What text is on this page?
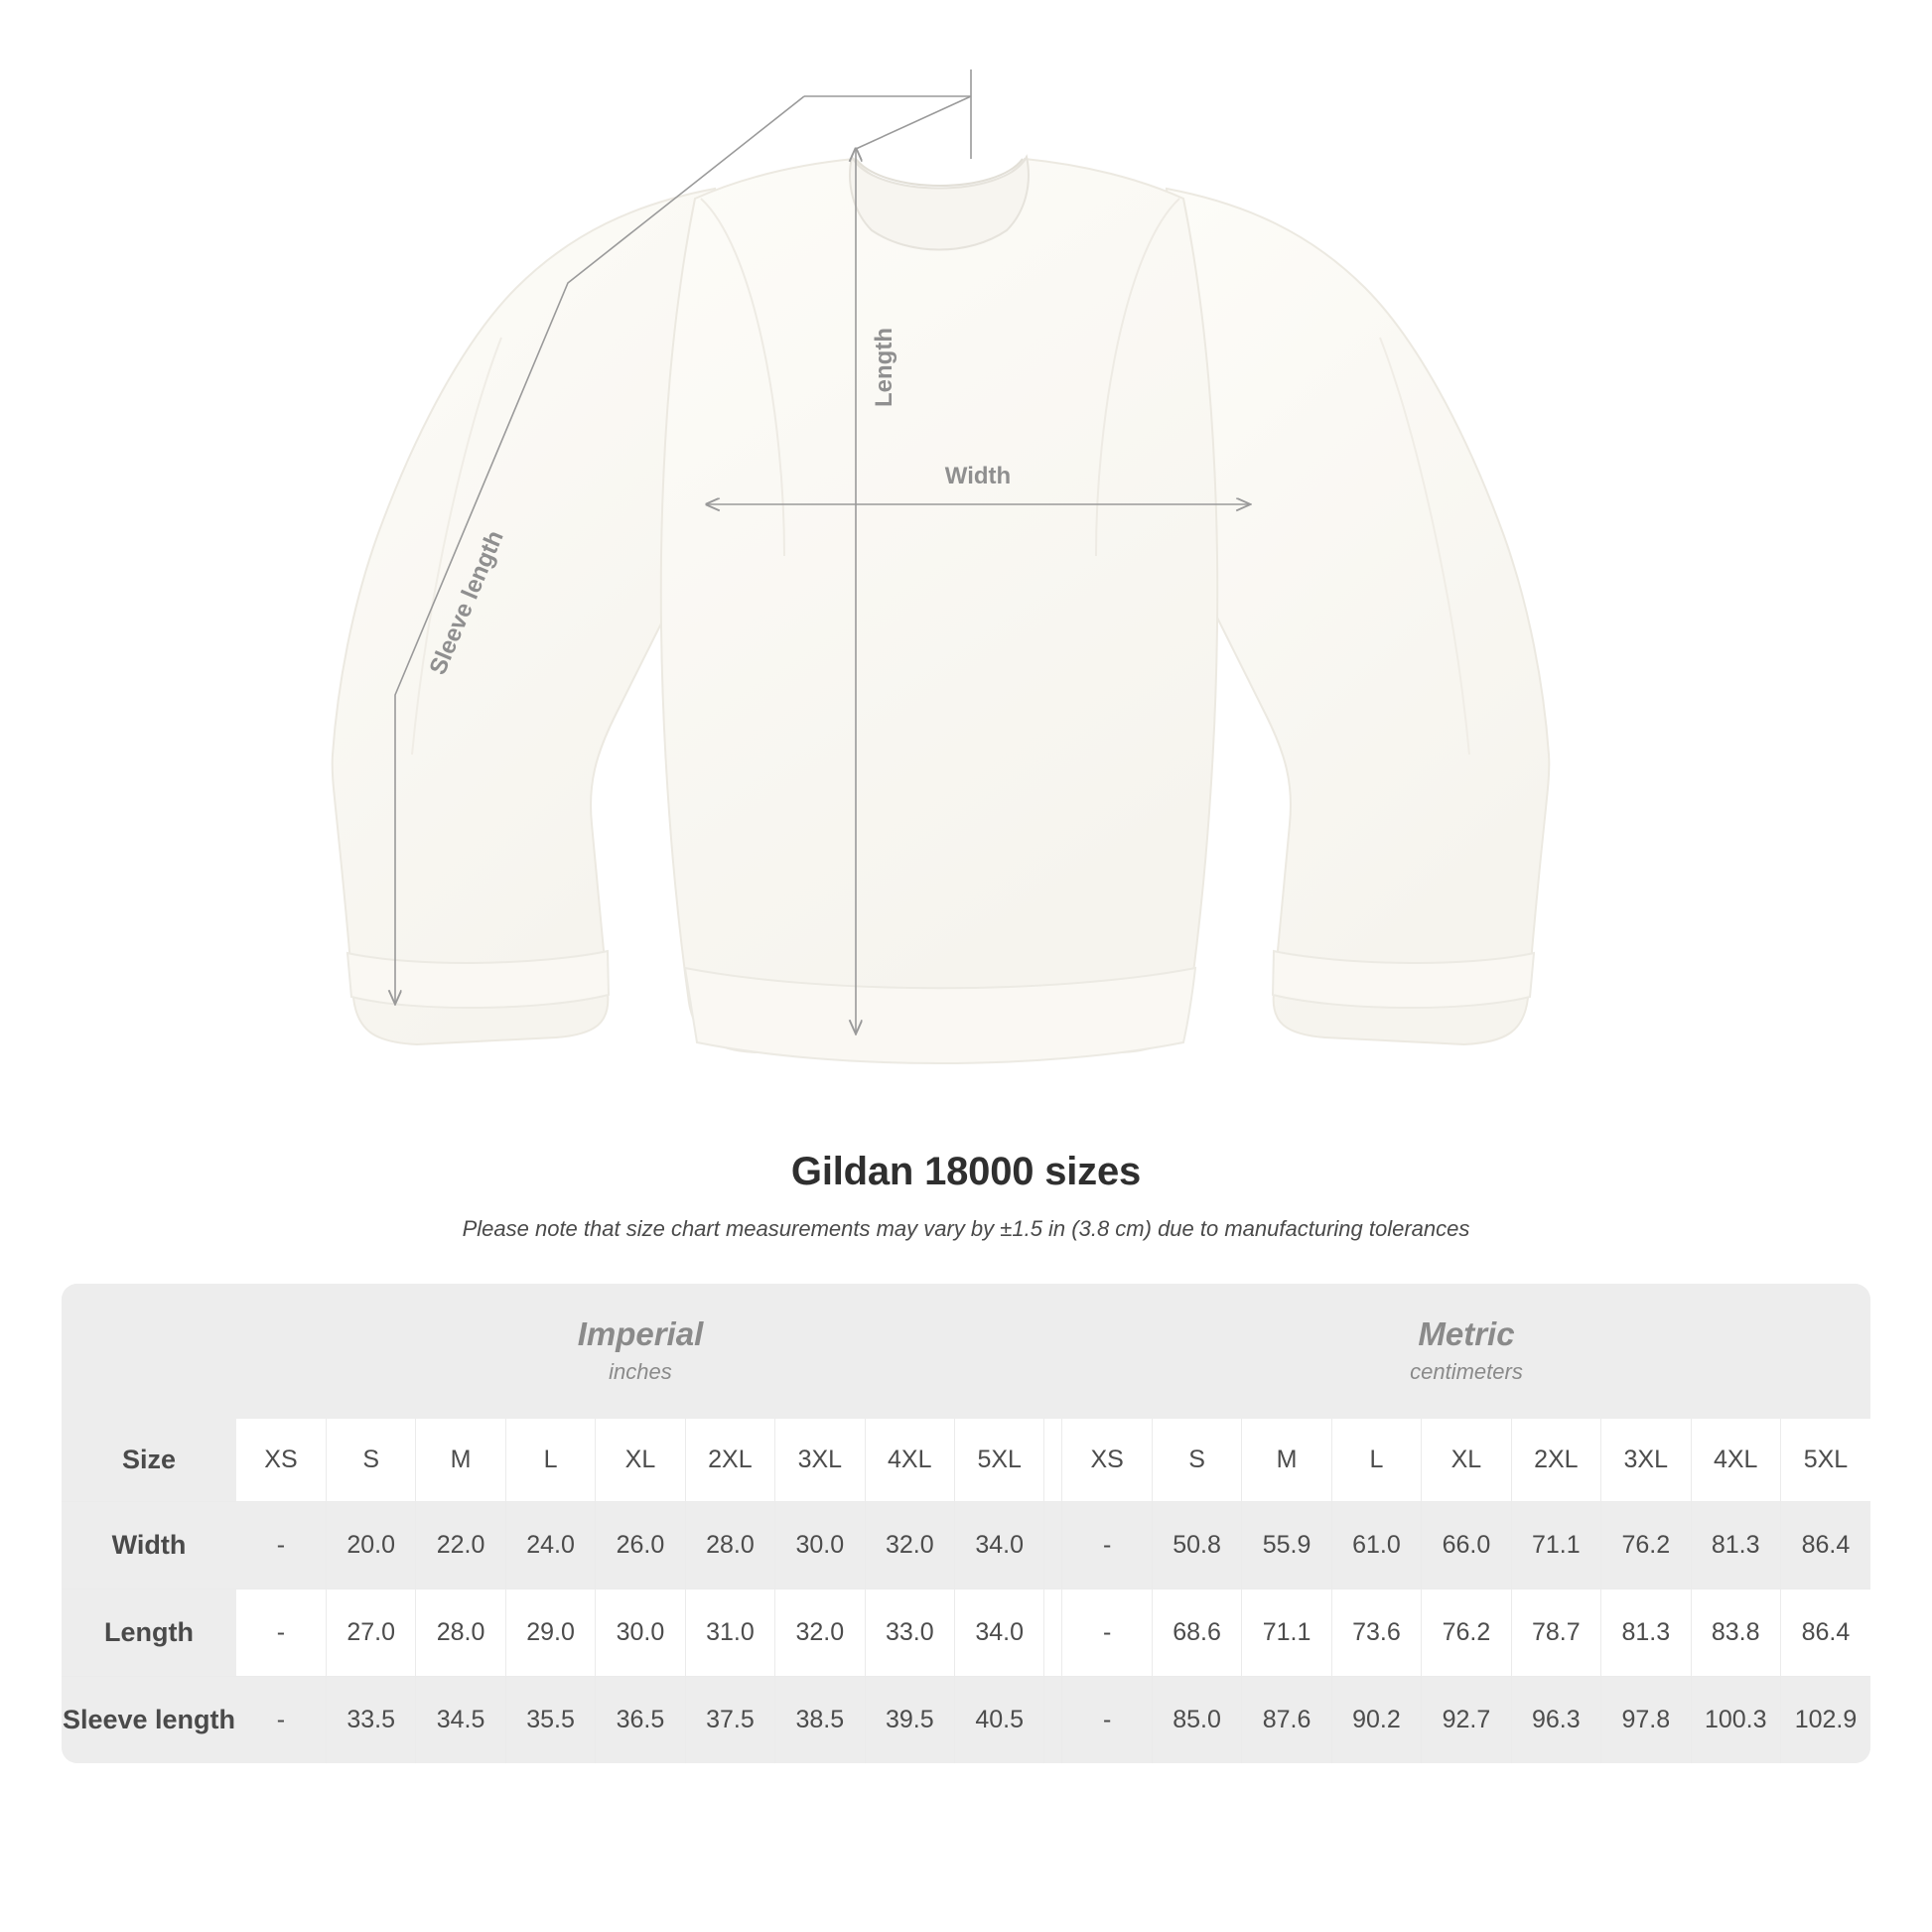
Length
Width
Sleeve length
Gildan 18000 sizes

Please note that size chart measurements may vary by ±1.5 in (3.8 cm) due to manufacturing tolerances

Imperial
inches

Metric
centimeters

Size	XS	S	M	L	XL	2XL	3XL	4XL	5XL		XS	S	M	L	XL	2XL	3XL	4XL	5XL
Width	-	20.0	22.0	24.0	26.0	28.0	30.0	32.0	34.0		-	50.8	55.9	61.0	66.0	71.1	76.2	81.3	86.4
Length	-	27.0	28.0	29.0	30.0	31.0	32.0	33.0	34.0		-	68.6	71.1	73.6	76.2	78.7	81.3	83.8	86.4
Sleeve length	-	33.5	34.5	35.5	36.5	37.5	38.5	39.5	40.5		-	85.0	87.6	90.2	92.7	96.3	97.8	100.3	102.9
